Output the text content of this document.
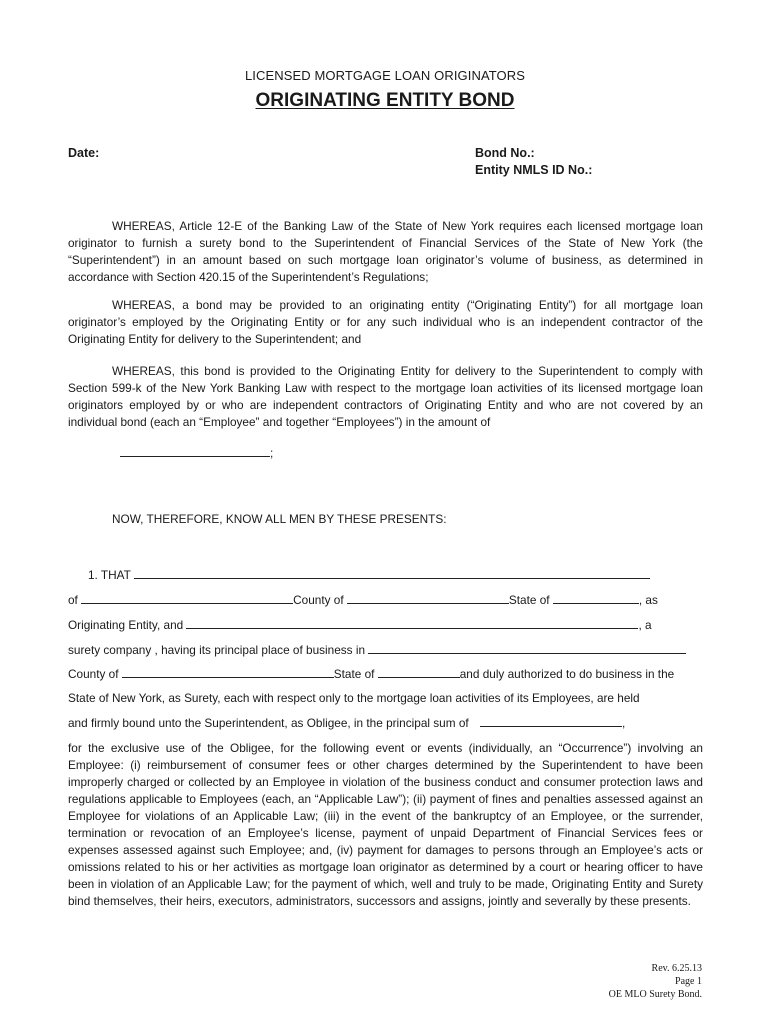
LICENSED MORTGAGE LOAN ORIGINATORS
ORIGINATING ENTITY BOND
Date:	Bond No.:
Entity NMLS ID No.:
WHEREAS, Article 12-E of the Banking Law of the State of New York requires each licensed mortgage loan originator to furnish a surety bond to the Superintendent of Financial Services of the State of New York (the “Superintendent”) in an amount based on such mortgage loan originator’s volume of business, as determined in accordance with Section 420.15 of the Superintendent’s Regulations;
WHEREAS, a bond may be provided to an originating entity (“Originating Entity”) for all mortgage loan originator’s employed by the Originating Entity or for any such individual who is an independent contractor of the Originating Entity for delivery to the Superintendent; and
WHEREAS, this bond is provided to the Originating Entity for delivery to the Superintendent to comply with Section 599-k of the New York Banking Law with respect to the mortgage loan activities of its licensed mortgage loan originators employed by or who are independent contractors of Originating Entity and who are not covered by an individual bond (each an “Employee” and together “Employees”) in the amount of
;
NOW, THEREFORE, KNOW ALL MEN BY THESE PRESENTS:
1. THAT
of	County of	State of	, as
Originating Entity, and	, a
surety company , having its principal place of business in
County of	State of	and duly authorized to do business in the
State of New York, as Surety, each with respect only to the mortgage loan activities of its Employees, are held
and firmly bound unto the Superintendent, as Obligee, in the principal sum of	,
for the exclusive use of the Obligee, for the following event or events (individually, an “Occurrence”) involving an Employee: (i) reimbursement of consumer fees or other charges determined by the Superintendent to have been improperly charged or collected by an Employee in violation of the business conduct and consumer protection laws and regulations applicable to Employees (each, an “Applicable Law”); (ii) payment of fines and penalties assessed against an Employee for violations of an Applicable Law; (iii) in the event of the bankruptcy of an Employee, or the surrender, termination or revocation of an Employee’s license, payment of unpaid Department of Financial Services fees or expenses assessed against such Employee; and, (iv) payment for damages to persons through an Employee’s acts or omissions related to his or her activities as mortgage loan originator as determined by a court or hearing officer to have been in violation of an Applicable Law; for the payment of which, well and truly to be made, Originating Entity and Surety bind themselves, their heirs, executors, administrators, successors and assigns, jointly and severally by these presents.
Rev. 6.25.13
Page 1
OE MLO Surety Bond.
